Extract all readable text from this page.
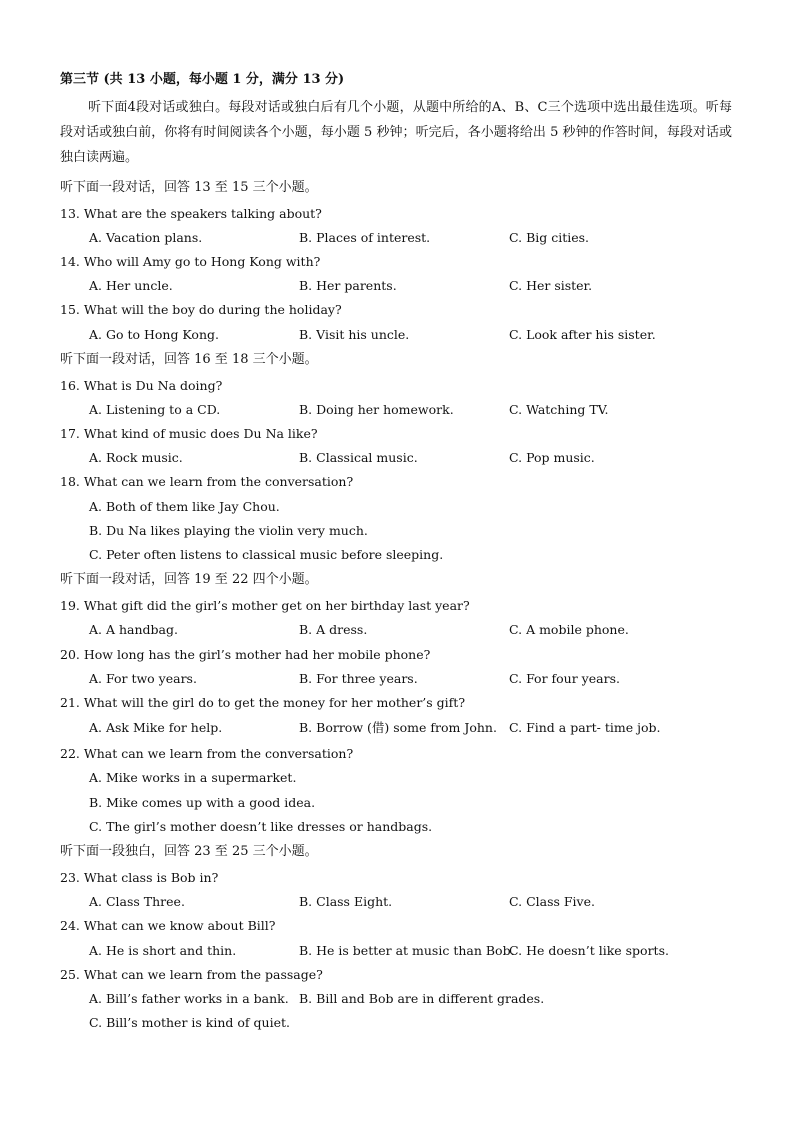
第三节 (共 13 小题，每小题 1 分，满分 13 分)
听下面4段对话或独白。每段对话或独白后有几个小题，从题中所给的A、B、C三个选项中选出最佳选项。听每段对话或独白前，你将有时间阅读各个小题，每小题 5 秒钟；听完后，各小题将给出 5 秒钟的作答时间，每段对话或独白读两遍。
听下面一段对话，回答 13 至 15 三个小题。
13. What are the speakers talking about?
A. Vacation plans.	B. Places of interest.	C. Big cities.
14. Who will Amy go to Hong Kong with?
A. Her uncle.	B. Her parents.	C. Her sister.
15. What will the boy do during the holiday?
A. Go to Hong Kong.	B. Visit his uncle.	C. Look after his sister.
听下面一段对话，回答 16 至 18 三个小题。
16. What is Du Na doing?
A. Listening to a CD.	B. Doing her homework.	C. Watching TV.
17. What kind of music does Du Na like?
A. Rock music.	B. Classical music.	C. Pop music.
18. What can we learn from the conversation?
A. Both of them like Jay Chou.
B. Du Na likes playing the violin very much.
C. Peter often listens to classical music before sleeping.
听下面一段对话，回答 19 至 22 四个小题。
19. What gift did the girl’s mother get on her birthday last year?
A. A handbag.	B. A dress.	C. A mobile phone.
20. How long has the girl’s mother had her mobile phone?
A. For two years.	B. For three years.	C. For four years.
21. What will the girl do to get the money for her mother’s gift?
A. Ask Mike for help.	B. Borrow (借) some from John. C. Find a part- time job.
22. What can we learn from the conversation?
A. Mike works in a supermarket.
B. Mike comes up with a good idea.
C. The girl’s mother doesn’t like dresses or handbags.
听下面一段独白，回答 23 至 25 三个小题。
23. What class is Bob in?
A. Class Three.	B. Class Eight.	C. Class Five.
24. What can we know about Bill?
A. He is short and thin.	B. He is better at music than Bob.
C. He doesn’t like sports.
25. What can we learn from the passage?
A. Bill’s father works in a bank. B. Bill and Bob are in different grades.
C. Bill’s mother is kind of quiet.
